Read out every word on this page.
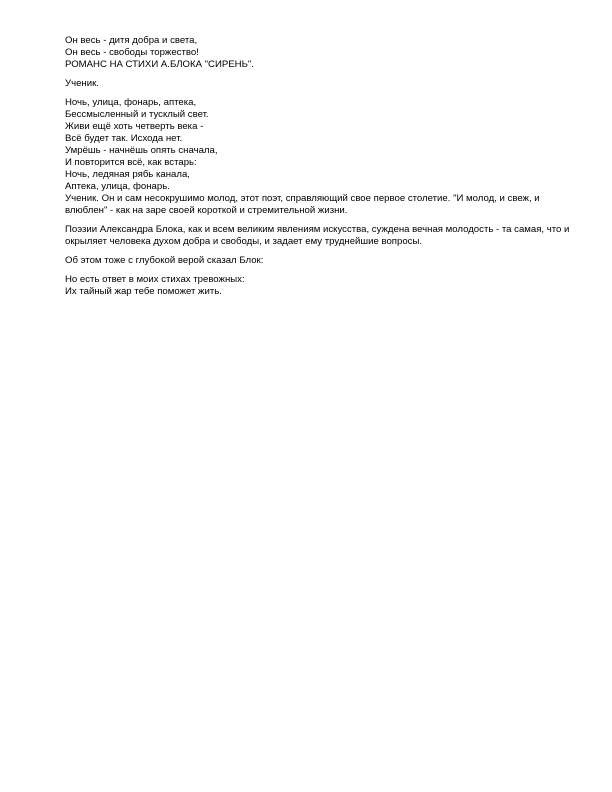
Он весь - дитя добра и света,
Он весь - свободы торжество!
РОМАНС НА СТИХИ А.БЛОКА "СИРЕНЬ".
Ученик.
Ночь, улица, фонарь, аптека,
Бессмысленный и тусклый свет.
Живи ещё хоть четверть века -
Всё будет так. Исхода нет.
Умрёшь - начнёшь опять сначала,
И повторится всё, как встарь:
Ночь, ледяная рябь канала,
Аптека, улица, фонарь.
Ученик. Он и сам несокрушимо молод, этот поэт, справляющий свое первое столетие. "И молод, и свеж, и влюблен" - как на заре своей короткой и стремительной жизни.
Поэзии Александра Блока, как и всем великим явлениям искусства, суждена вечная молодость - та самая, что и окрыляет человека духом добра и свободы, и задает ему труднейшие вопросы.
Об этом тоже с глубокой верой сказал Блок:
Но есть ответ в моих стихах тревожных:
Их тайный жар тебе поможет жить.
